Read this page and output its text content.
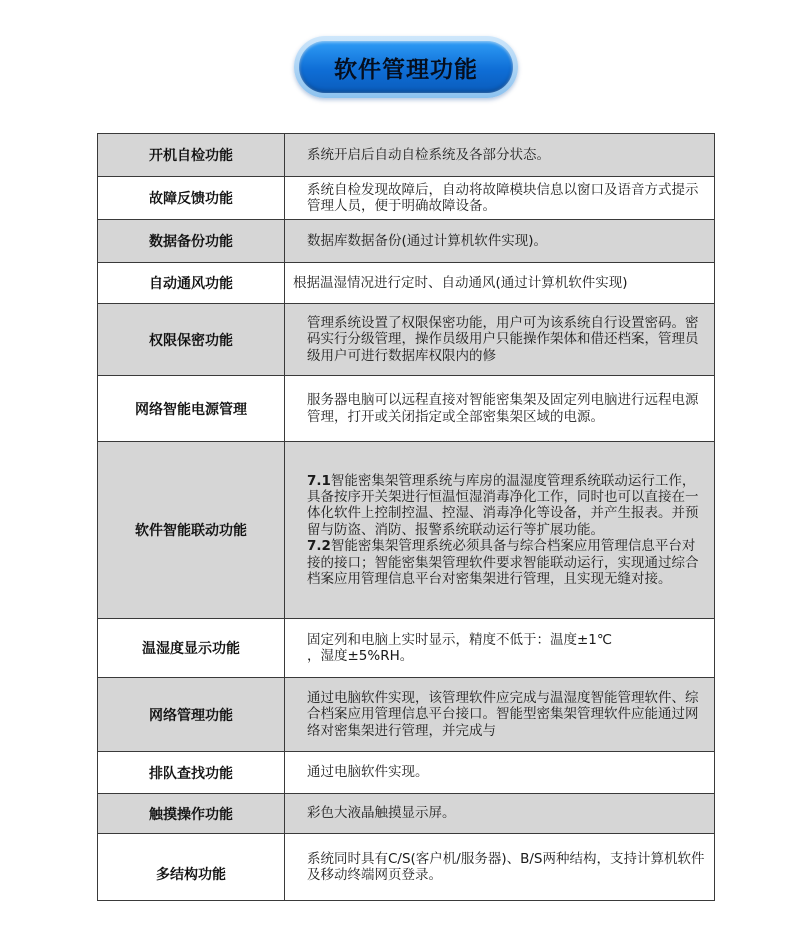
软件管理功能
开机自检功能	系统开启后自动自检系统及各部分状态。
故障反馈功能	系统自检发现故障后，自动将故障模块信息以窗口及语音方式提示管理人员，便于明确故障设备。
数据备份功能	数据库数据备份(通过计算机软件实现)。
自动通风功能	根据温湿情况进行定时、自动通风(通过计算机软件实现)
权限保密功能	管理系统设置了权限保密功能，用户可为该系统自行设置密码。密码实行分级管理，操作员级用户只能操作架体和借还档案，管理员级用户可进行数据库权限内的修

网络智能电源管理	服务器电脑可以远程直接对智能密集架及固定列电脑进行远程电源管理，打开或关闭指定或全部密集架区域的电源。
软件智能联动功能	7.1智能密集架管理系统与库房的温湿度管理系统联动运行工作，具备按序开关架进行恒温恒湿消毒净化工作，同时也可以直接在一体化软件上控制控温、控湿、消毒净化等设备，并产生报表。并预留与防盗、消防、报警系统联动运行等扩展功能。
7.2智能密集架管理系统必须具备与综合档案应用管理信息平台对接的接口；智能密集架管理软件要求智能联动运行，实现通过综合档案应用管理信息平台对密集架进行管理，且实现无缝对接。

温湿度显示功能	固定列和电脑上实时显示，精度不低于：温度±1℃
，湿度±5%RH。

网络管理功能	通过电脑软件实现，该管理软件应完成与温湿度智能管理软件、综合档案应用管理信息平台接口。智能型密集架管理软件应能通过网络对密集架进行管理，并完成与

排队查找功能	通过电脑软件实现。
触摸操作功能	彩色大液晶触摸显示屏。
多结构功能	系统同时具有C/S(客户机/服务器)、B/S两种结构，支持计算机软件及移动终端网页登录。
